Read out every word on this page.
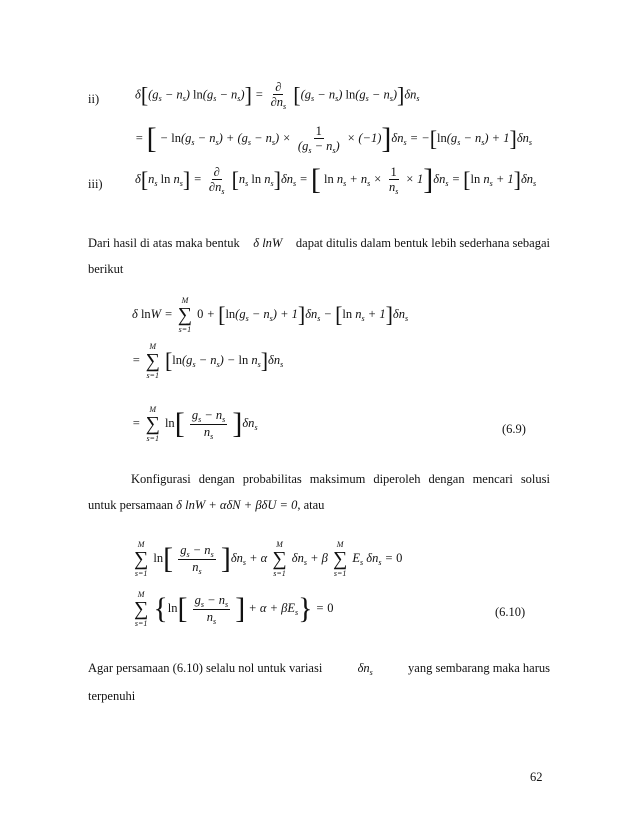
ii)	$\delta[(g_s - n_s) \ln(g_s - n_s)] = \frac{\partial}{\partial n_s} [(g_s - n_s) \ln(g_s - n_s)]\delta n_s$
= [ − $\ln(g_s - n_s) + (g_s - n_s) \times \frac{1}{(g_s - n_s)} \times (-1)]\delta n_s = -[\ln(g_s - n_s) + 1]\delta n_s$
iii)	$\delta[n_s$ $\ln n_s] = \frac{\partial}{\partial n_s} [n_s$ $\ln n_s]\delta n_s$ = [ $\ln n_s + n_s \times \frac{1}{n_s} \times 1]\delta n_s = [\ln$ $n_s + 1]\delta n_s$
Dari hasil di atas maka bentuk δ lnW dapat ditulis dalam bentuk lebih sederhana sebagai
berikut
δ lnW =
M
∑
s=1
$0 + [\ln(g_s - n_s) + 1]\delta n_s - [\ln$ $n_s + 1]\delta n_s$
=
M
∑
s=1
$[\ln(g_s - n_s) - \ln n_s]\delta n_s$
=
M
∑
s=1
$\ln[ \frac{g_s - n_s}{n_s} ]\delta n_s$	(6.9)
Konfigurasi dengan probabilitas maksimum diperoleh dengan mencari solusi
untuk persamaan δ lnW + αδN + βδU = 0, atau
M
∑
s=1
$\ln[ \frac{g_s - n_s}{n_s} ]\delta n_s + \alpha$
M
∑
s=1
$\delta n_s + \beta$
M
∑
s=1
$E_s$ $\delta n_s = 0$
M
∑
s=1 {$\ln[ \frac{g_s - n_s}{n_s}$ ] + $\alpha + \beta E_s\} = 0$	(6.10)
Agar persamaan (6.10) selalu nol untuk variasi	$\delta n_s$	yang sembarang maka harus
terpenuhi
62
